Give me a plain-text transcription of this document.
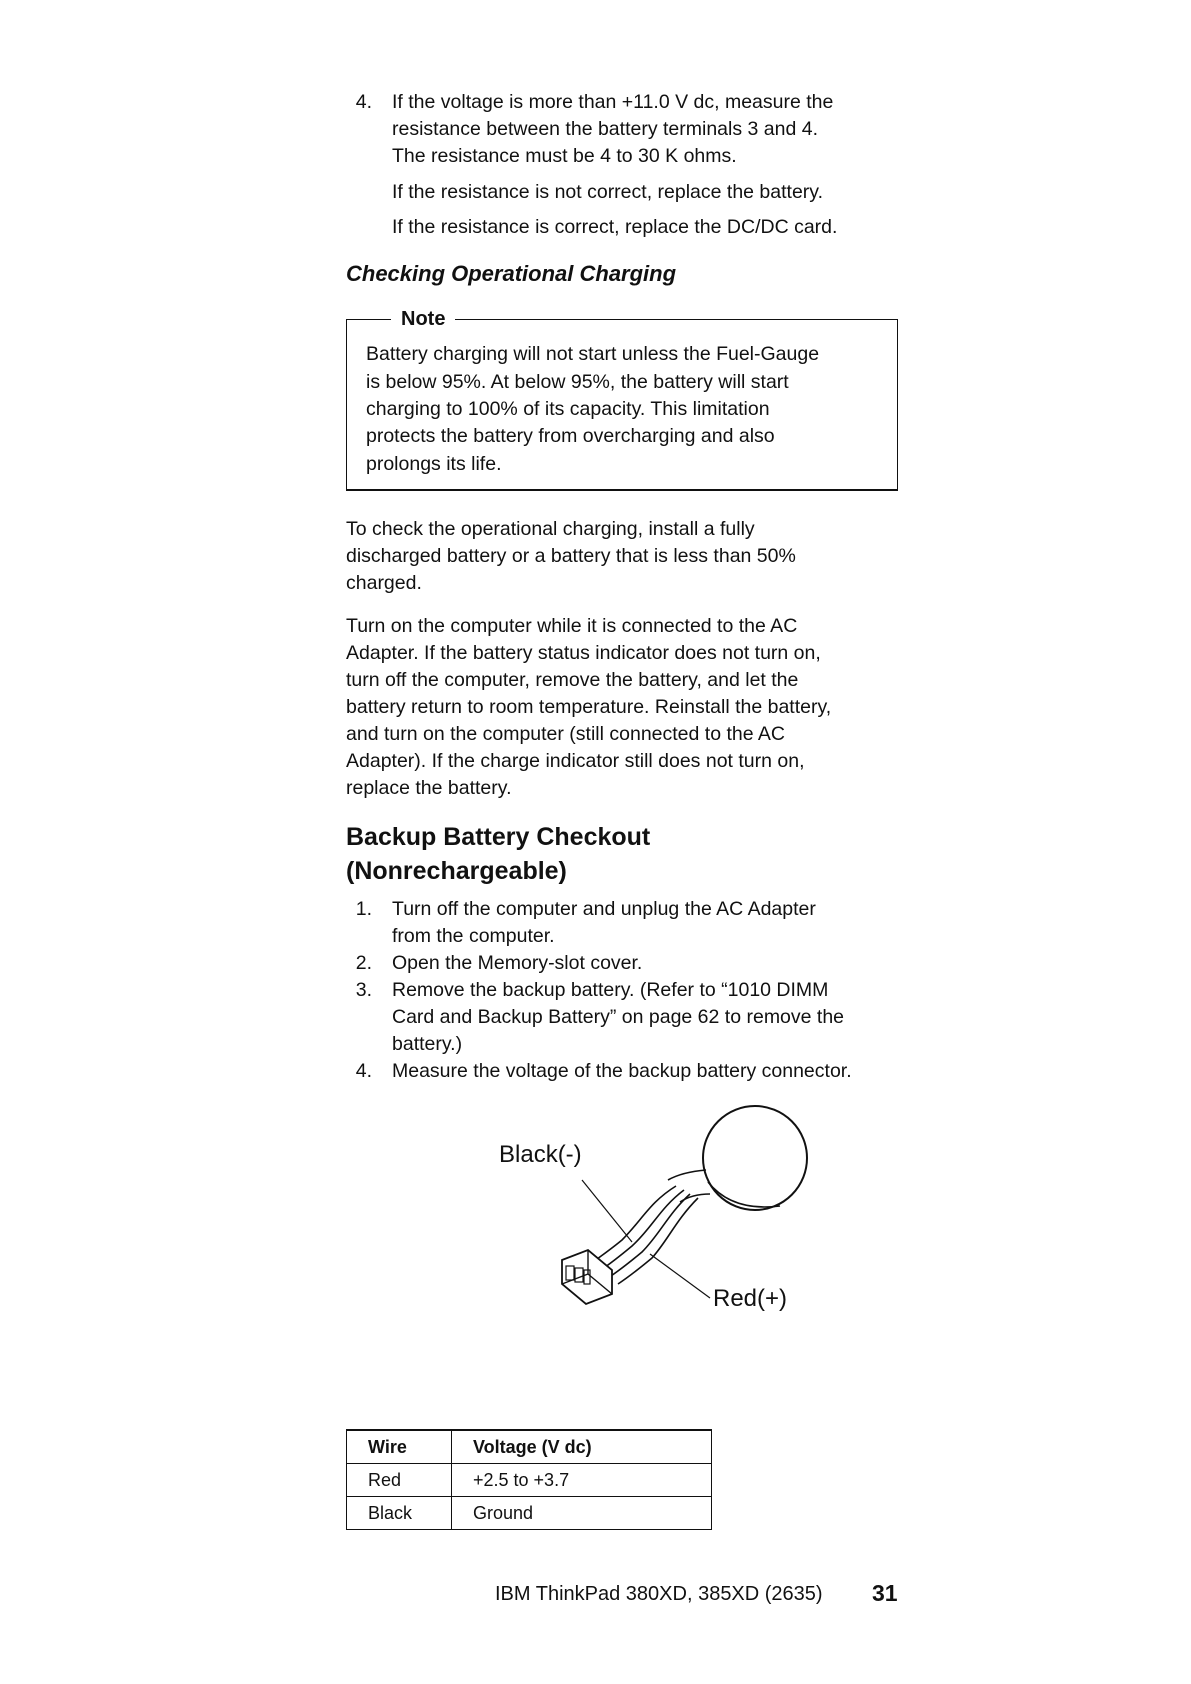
4. If the voltage is more than +11.0 V dc, measure the
resistance between the battery terminals 3 and 4.
The resistance must be 4 to 30 K ohms.
If the resistance is not correct, replace the battery.
If the resistance is correct, replace the DC/DC card.
Checking Operational Charging
Note
Battery charging will not start unless the Fuel-Gauge
is below 95%. At below 95%, the battery will start
charging to 100% of its capacity. This limitation
protects the battery from overcharging and also
prolongs its life.
To check the operational charging, install a fully
discharged battery or a battery that is less than 50%
charged.
Turn on the computer while it is connected to the AC
Adapter. If the battery status indicator does not turn on,
turn off the computer, remove the battery, and let the
battery return to room temperature. Reinstall the battery,
and turn on the computer (still connected to the AC
Adapter). If the charge indicator still does not turn on,
replace the battery.
Backup Battery Checkout
(Nonrechargeable)
1. Turn off the computer and unplug the AC Adapter
from the computer.
2. Open the Memory-slot cover.
3. Remove the backup battery. (Refer to “1010 DIMM
Card and Backup Battery” on page 62 to remove the
battery.)
4. Measure the voltage of the backup battery connector.
Black(-)
Red(+)
Wire	Voltage (V dc)
Red	+2.5 to +3.7
Black	Ground
IBM ThinkPad 380XD, 385XD (2635) 31
